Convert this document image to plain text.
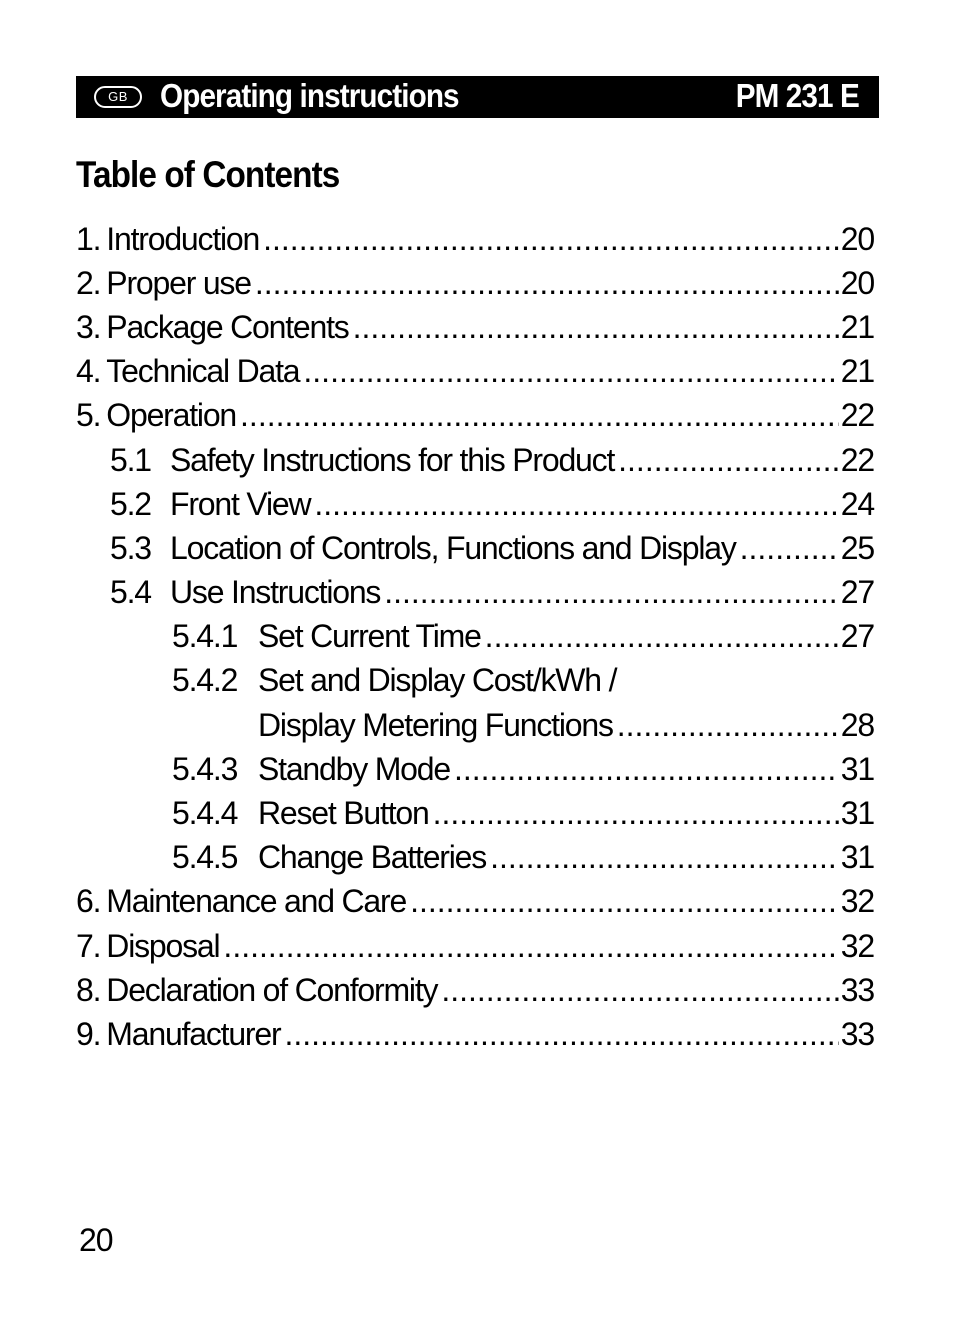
GB Operating instructions	PM 231 E
Table of Contents
1. Introduction .....	20
2. Proper use .....	20
3. Package Contents .....	21
4. Technical Data .....	21
5. Operation .....	22
5.1 Safety Instructions for this Product .....	22
5.2 Front View .....	24
5.3 Location of Controls, Functions and Display .....	25
5.4 Use Instructions .....	27
5.4.1 Set Current Time .....	27
5.4.2 Set and Display Cost/kWh /
Display Metering Functions .....	28
5.4.3 Standby Mode .....	31
5.4.4 Reset Button .....	31
5.4.5 Change Batteries .....	31
6. Maintenance and Care .....	32
7. Disposal .....	32
8. Declaration of Conformity .....	33
9. Manufacturer .....	33
20
